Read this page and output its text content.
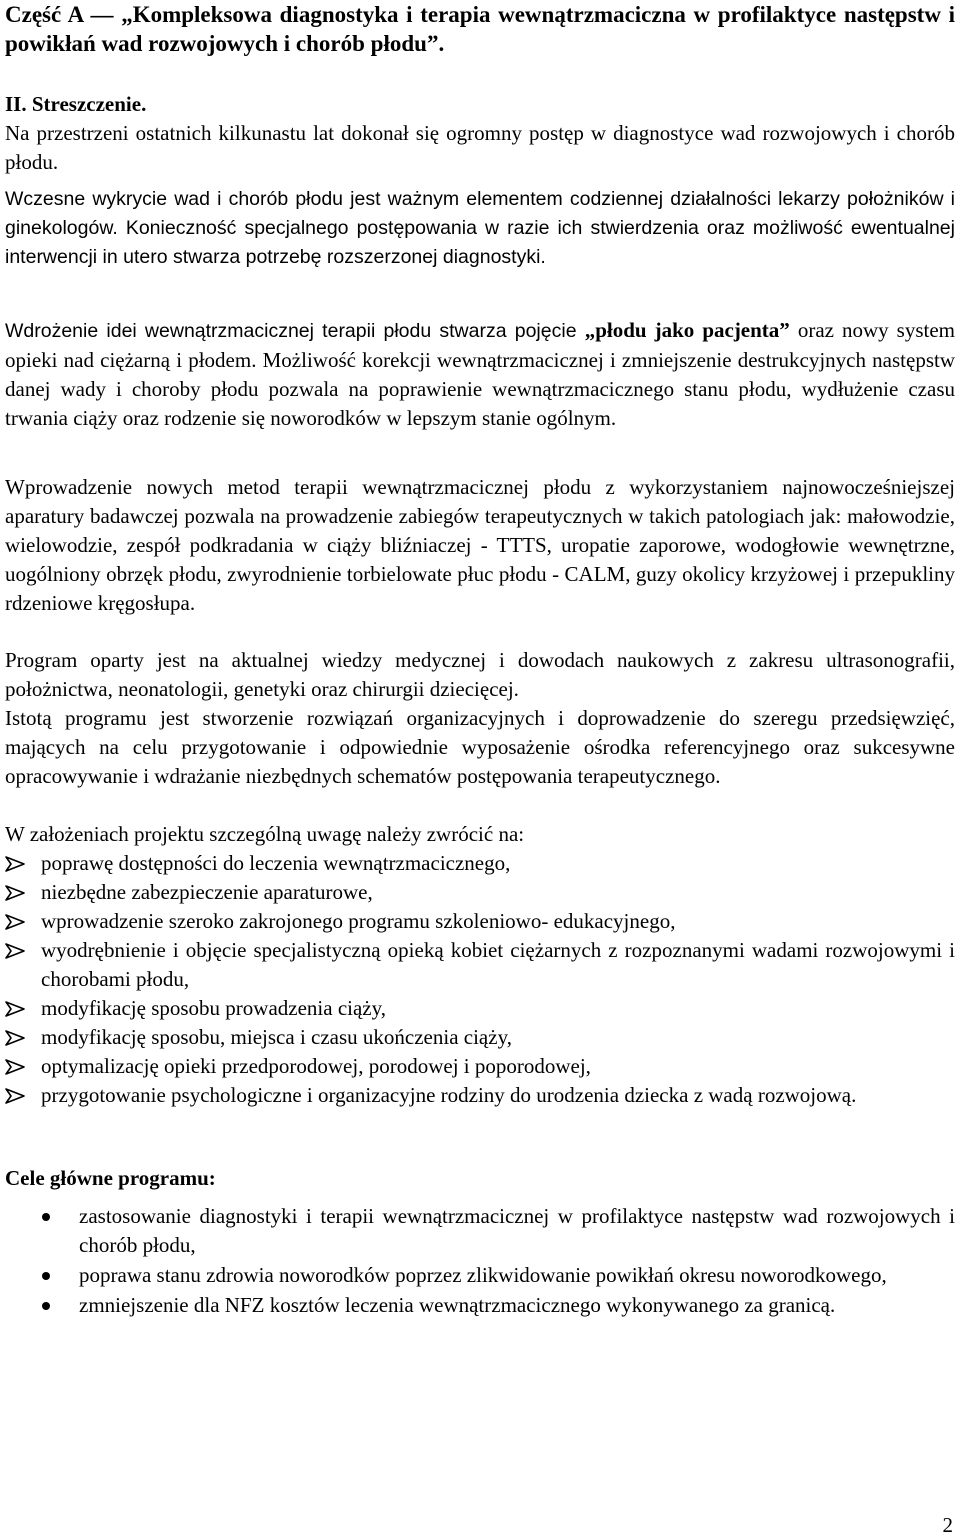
Część A — „Kompleksowa diagnostyka i terapia wewnątrzmaciczna w profilaktyce następstw i powikłań wad rozwojowych i chorób płodu”.
II. Streszczenie.
Na przestrzeni ostatnich kilkunastu lat dokonał się ogromny postęp w diagnostyce wad rozwojowych i chorób płodu.
Wczesne wykrycie wad i chorób płodu jest ważnym elementem codziennej działalności lekarzy położników i ginekologów. Konieczność specjalnego postępowania w razie ich stwierdzenia oraz możliwość ewentualnej interwencji in utero stwarza potrzebę rozszerzonej diagnostyki.
Wdrożenie idei wewnątrzmacicznej terapii płodu stwarza pojęcie „płodu jako pacjenta” oraz nowy system opieki nad ciężarną i płodem. Możliwość korekcji wewnątrzmacicznej i zmniejszenie destrukcyjnych następstw danej wady i choroby płodu pozwala na poprawienie wewnątrzmacicznego stanu płodu, wydłużenie czasu trwania ciąży oraz rodzenie się noworodków w lepszym stanie ogólnym.
Wprowadzenie nowych metod terapii wewnątrzmacicznej płodu z wykorzystaniem najnowocześniejszej aparatury badawczej pozwala na prowadzenie zabiegów terapeutycznych w takich patologiach jak: małowodzie, wielowodzie, zespół podkradania w ciąży bliźniaczej - TTTS, uropatie zaporowe, wodogłowie wewnętrzne, uogólniony obrzęk płodu, zwyrodnienie torbielowate płuc płodu - CALM, guzy okolicy krzyżowej i przepukliny rdzeniowe kręgosłupa.
Program oparty jest na aktualnej wiedzy medycznej i dowodach naukowych z zakresu ultrasonografii, położnictwa, neonatologii, genetyki oraz chirurgii dziecięcej.
Istotą programu jest stworzenie rozwiązań organizacyjnych i doprowadzenie do szeregu przedsięwzięć, mających na celu przygotowanie i odpowiednie wyposażenie ośrodka referencyjnego oraz sukcesywne opracowywanie i wdrażanie niezbędnych schematów postępowania terapeutycznego.
W założeniach projektu szczególną uwagę należy zwrócić na:
poprawę dostępności do leczenia wewnątrzmacicznego,
niezbędne zabezpieczenie aparaturowe,
wprowadzenie szeroko zakrojonego programu szkoleniowo- edukacyjnego,
wyodrębnienie i objęcie specjalistyczną opieką kobiet ciężarnych z rozpoznanymi wadami rozwojowymi i chorobami płodu,
modyfikację sposobu prowadzenia ciąży,
modyfikację sposobu, miejsca i czasu ukończenia ciąży,
optymalizację opieki przedporodowej, porodowej i poporodowej,
przygotowanie psychologiczne i organizacyjne rodziny do urodzenia dziecka z wadą rozwojową.
Cele główne programu:
zastosowanie diagnostyki i terapii wewnątrzmacicznej w profilaktyce następstw wad rozwojowych i chorób płodu,
poprawa stanu zdrowia noworodków poprzez zlikwidowanie powikłań okresu noworodkowego,
zmniejszenie dla NFZ kosztów leczenia wewnątrzmacicznego wykonywanego za granicą.
2
